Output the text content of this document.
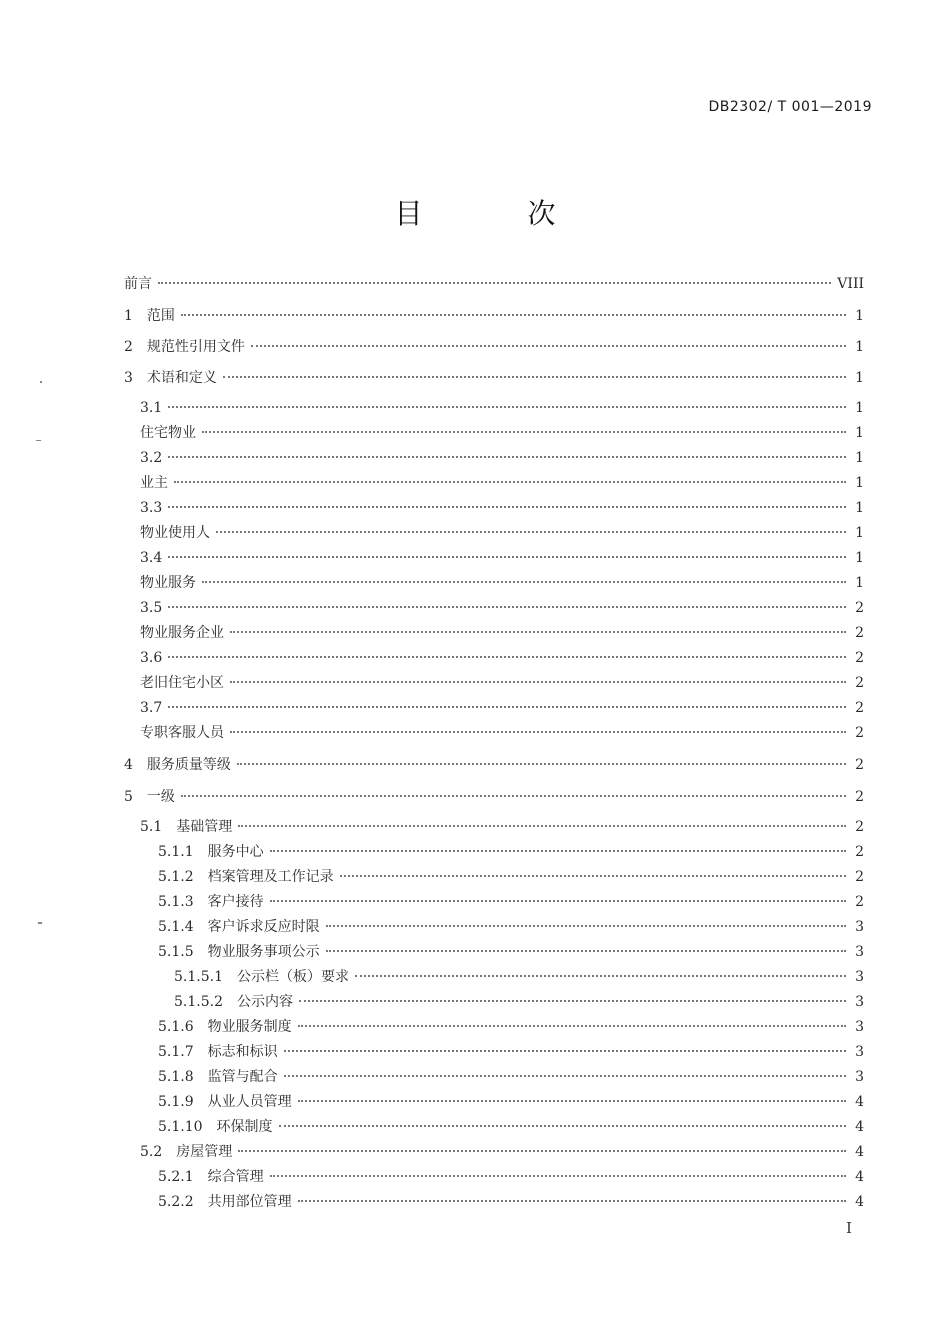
DB2302/ T 001—2019
目 次
前言	VIII
1　范围	1
2　规范性引用文件	1
3　术语和定义	1
3.1	1
住宅物业	1
3.2	1
业主	1
3.3	1
物业使用人	1
3.4	1
物业服务	1
3.5	2
物业服务企业	2
3.6	2
老旧住宅小区	2
3.7	2
专职客服人员	2
4　服务质量等级	2
5　一级	2
5.1　基础管理	2
5.1.1　服务中心	2
5.1.2　档案管理及工作记录	2
5.1.3　客户接待	2
5.1.4　客户诉求反应时限	3
5.1.5　物业服务事项公示	3
5.1.5.1　公示栏（板）要求	3
5.1.5.2　公示内容	3
5.1.6　物业服务制度	3
5.1.7　标志和标识	3
5.1.8　监管与配合	3
5.1.9　从业人员管理	4
5.1.10　环保制度	4
5.2　房屋管理	4
5.2.1　综合管理	4
5.2.2　共用部位管理	4
I
